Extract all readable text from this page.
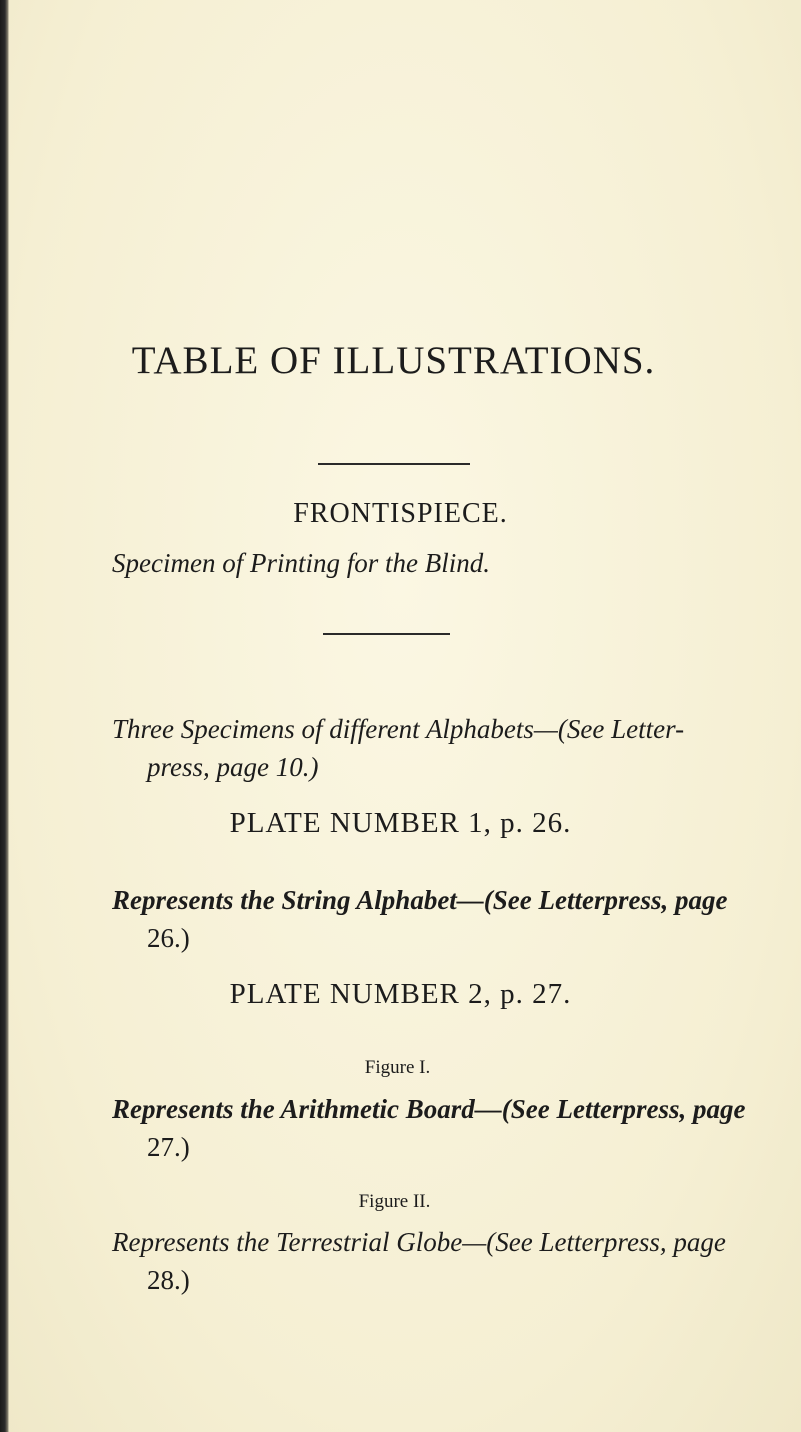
TABLE OF ILLUSTRATIONS.
FRONTISPIECE.
Specimen of Printing for the Blind.
Three Specimens of different Alphabets—(See Letter-
press, page 10.)
PLATE NUMBER 1, p. 26.
Represents the String Alphabet—(See Letterpress, page
26.)
PLATE NUMBER 2, p. 27.
Figure I.
Represents the Arithmetic Board—(See Letterpress, page
27.)
Figure II.
Represents the Terrestrial Globe—(See Letterpress, page
28.)
